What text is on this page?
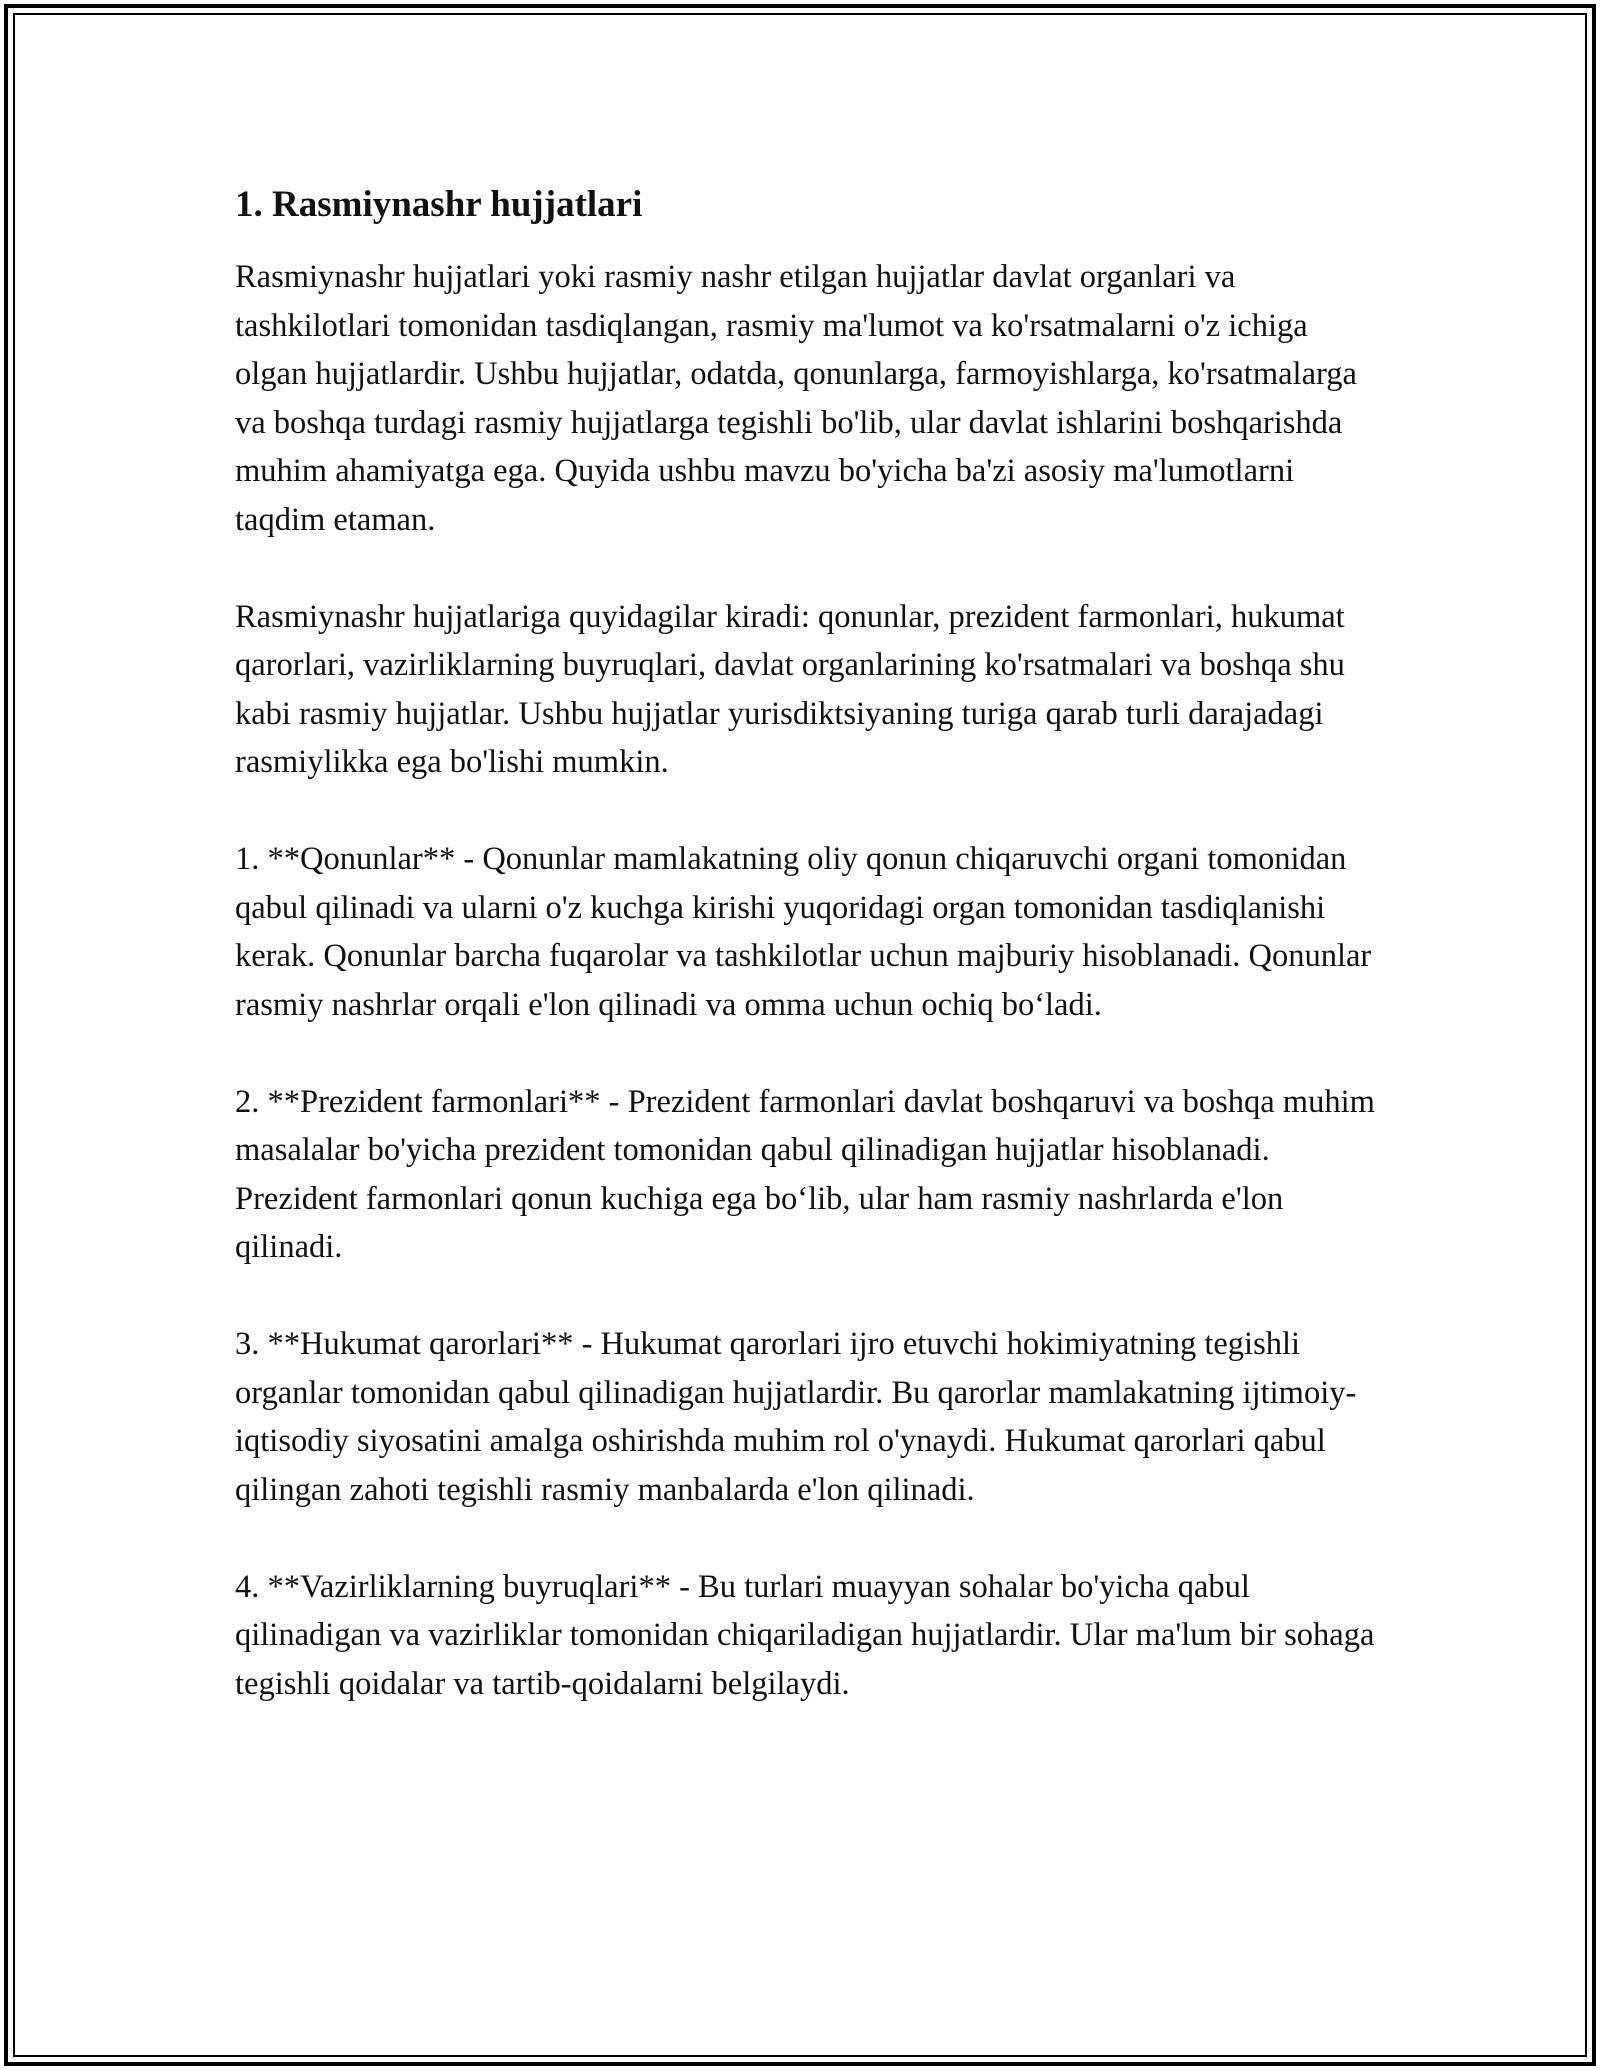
1. Rasmiynashr hujjatlari

Rasmiynashr hujjatlari yoki rasmiy nashr etilgan hujjatlar davlat organlari va tashkilotlari tomonidan tasdiqlangan, rasmiy ma'lumot va ko'rsatmalarni o'z ichiga olgan hujjatlardir. Ushbu hujjatlar, odatda, qonunlarga, farmoyishlarga, ko'rsatmalarga va boshqa turdagi rasmiy hujjatlarga tegishli bo'lib, ular davlat ishlarini boshqarishda muhim ahamiyatga ega. Quyida ushbu mavzu bo'yicha ba'zi asosiy ma'lumotlarni taqdim etaman.

Rasmiynashr hujjatlariga quyidagilar kiradi: qonunlar, prezident farmonlari, hukumat qarorlari, vazirliklarning buyruqlari, davlat organlarining ko'rsatmalari va boshqa shu kabi rasmiy hujjatlar. Ushbu hujjatlar yurisdiktsiyaning turiga qarab turli darajadagi rasmiylikka ega bo'lishi mumkin.

1. **Qonunlar** - Qonunlar mamlakatning oliy qonun chiqaruvchi organi tomonidan qabul qilinadi va ularni o'z kuchga kirishi yuqoridagi organ tomonidan tasdiqlanishi kerak. Qonunlar barcha fuqarolar va tashkilotlar uchun majburiy hisoblanadi. Qonunlar rasmiy nashrlar orqali e'lon qilinadi va omma uchun ochiq bo‘ladi.

2. **Prezident farmonlari** - Prezident farmonlari davlat boshqaruvi va boshqa muhim masalalar bo'yicha prezident tomonidan qabul qilinadigan hujjatlar hisoblanadi. Prezident farmonlari qonun kuchiga ega bo‘lib, ular ham rasmiy nashrlarda e'lon qilinadi.

3. **Hukumat qarorlari** - Hukumat qarorlari ijro etuvchi hokimiyatning tegishli organlar tomonidan qabul qilinadigan hujjatlardir. Bu qarorlar mamlakatning ijtimoiy-iqtisodiy siyosatini amalga oshirishda muhim rol o'ynaydi. Hukumat qarorlari qabul qilingan zahoti tegishli rasmiy manbalarda e'lon qilinadi.

4. **Vazirliklarning buyruqlari** - Bu turlari muayyan sohalar bo'yicha qabul qilinadigan va vazirliklar tomonidan chiqariladigan hujjatlardir. Ular ma'lum bir sohaga tegishli qoidalar va tartib-qoidalarni belgilaydi.
